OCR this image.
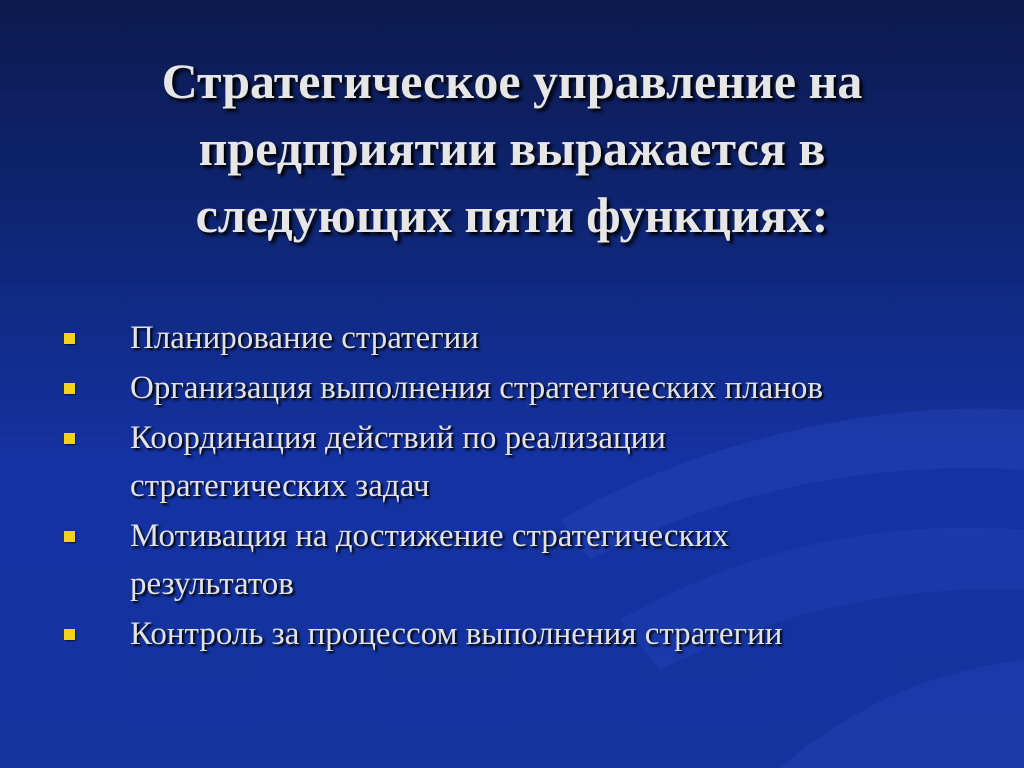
Стратегическое управление на
предприятии выражается в
следующих пяти функциях:
Планирование стратегии
Организация выполнения стратегических планов
Координация действий по реализации
стратегических задач
Мотивация на достижение стратегических
результатов
Контроль за процессом выполнения стратегии
